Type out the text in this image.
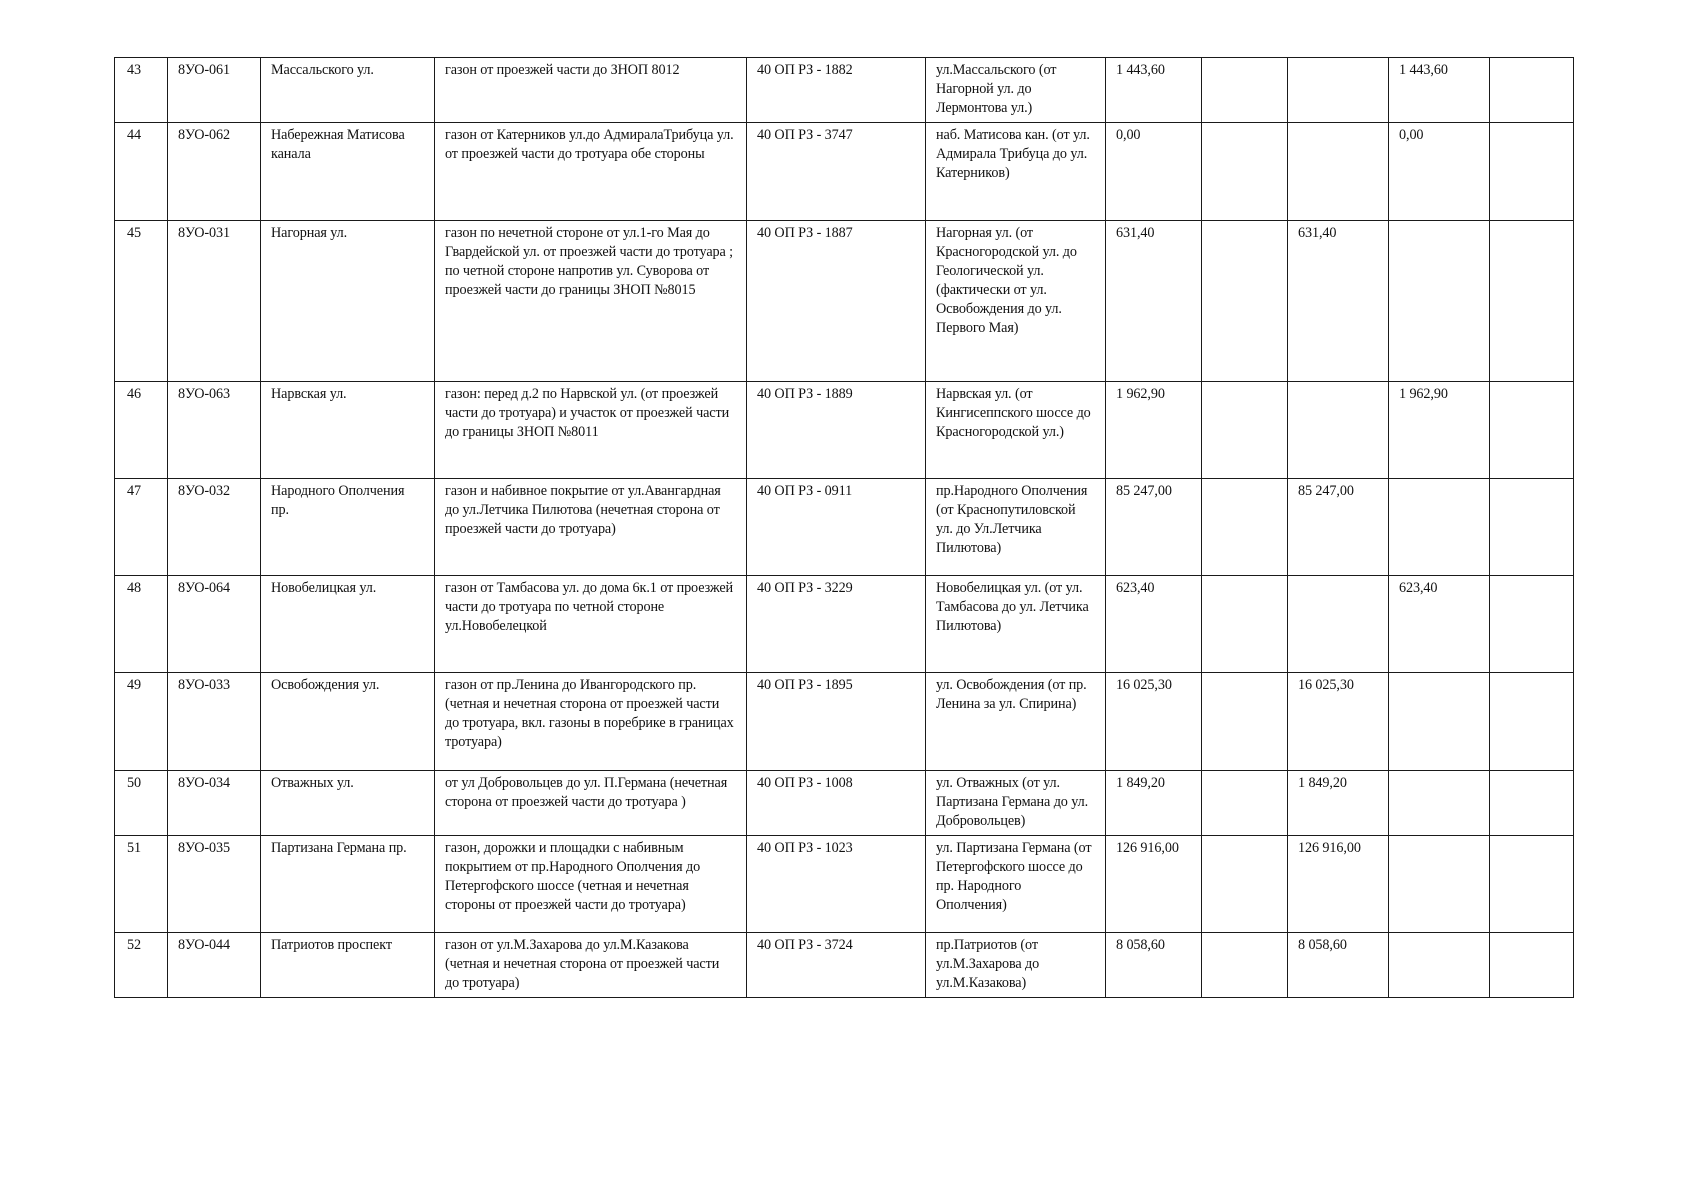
43	8УО-061	Массальского ул.	газон от проезжей части до ЗНОП 8012	40 ОП РЗ - 1882	ул.Массальского (от Нагорной ул. до Лермонтова ул.)	1 443,60			1 443,60	
44	8УО-062	Набережная Матисова канала	газон от Катерников ул.до АдмиралаТрибуца ул. от проезжей части до тротуара обе стороны	40 ОП РЗ - 3747	наб. Матисова кан. (от ул. Адмирала Трибуца до ул. Катерников)	0,00			0,00	
45	8УО-031	Нагорная ул.	газон по нечетной стороне от ул.1-го Мая до Гвардейской ул. от проезжей части до тротуара ; по четной стороне напротив ул. Суворова от проезжей части до границы ЗНОП №8015	40 ОП РЗ - 1887	Нагорная ул. (от Красногородской ул. до Геологической ул. (фактически от ул. Освобождения до ул. Первого Мая)	631,40		631,40		
46	8УО-063	Нарвская ул.	газон: перед д.2 по Нарвской ул. (от проезжей части до тротуара) и участок от проезжей части до границы ЗНОП №8011	40 ОП РЗ - 1889	Нарвская ул. (от Кингисеппского шоссе до Красногородской ул.)	1 962,90			1 962,90	
47	8УО-032	Народного Ополчения пр.	газон и набивное покрытие от ул.Авангардная до ул.Летчика Пилютова (нечетная сторона от проезжей части до тротуара)	40 ОП РЗ - 0911	пр.Народного Ополчения (от Краснопутиловской ул. до Ул.Летчика Пилютова)	85 247,00		85 247,00		
48	8УО-064	Новобелицкая ул.	газон от Тамбасова ул. до дома 6к.1 от проезжей части до тротуара по четной стороне ул.Новобелецкой	40 ОП РЗ - 3229	Новобелицкая ул. (от ул. Тамбасова до ул. Летчика Пилютова)	623,40			623,40	
49	8УО-033	Освобождения ул.	газон от пр.Ленина до Ивангородского пр. (четная и нечетная сторона от проезжей части до тротуара, вкл. газоны в поребрике в границах тротуара)	40 ОП РЗ - 1895	ул. Освобождения (от пр. Ленина за ул. Спирина)	16 025,30		16 025,30		
50	8УО-034	Отважных ул.	от ул Добровольцев до ул. П.Германа (нечетная сторона от проезжей части до тротуара )	40 ОП РЗ - 1008	ул. Отважных (от ул. Партизана Германа до ул. Добровольцев)	1 849,20		1 849,20		
51	8УО-035	Партизана Германа пр.	газон, дорожки и площадки с набивным покрытием от пр.Народного Ополчения до Петергофского шоссе (четная и нечетная стороны от проезжей части до тротуара)	40 ОП РЗ - 1023	ул. Партизана Германа (от Петергофского шоссе до пр. Народного Ополчения)	126 916,00		126 916,00		
52	8УО-044	Патриотов проспект	газон от ул.М.Захарова до ул.М.Казакова (четная и нечетная сторона от проезжей части до тротуара)	40 ОП РЗ - 3724	пр.Патриотов (от ул.М.Захарова до ул.М.Казакова)	8 058,60		8 058,60		
